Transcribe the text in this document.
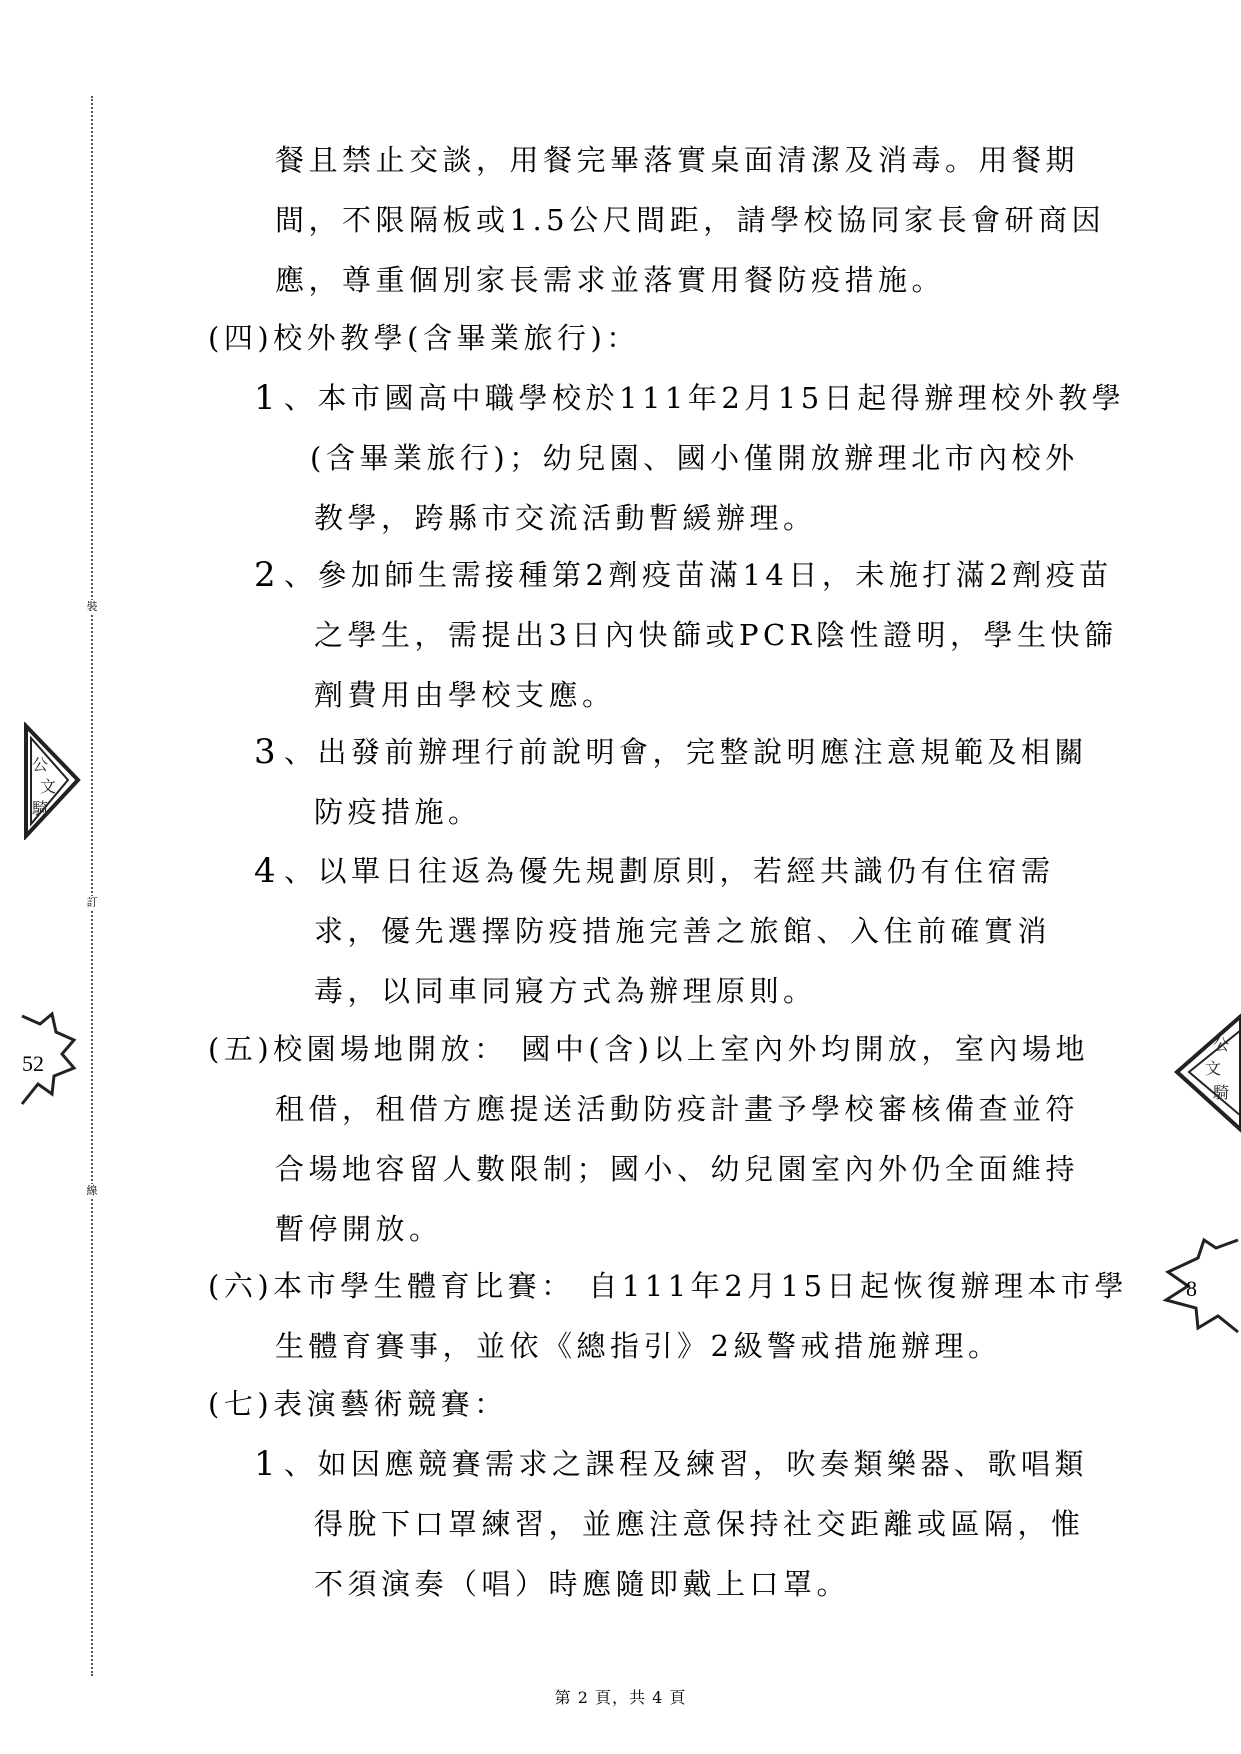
裝
訂
線
餐且禁止交談，用餐完畢落實桌面清潔及消毒。用餐期
間，不限隔板或1.5公尺間距，請學校協同家長會研商因
應，尊重個別家長需求並落實用餐防疫措施。
(四)校外教學(含畢業旅行)：
1 、本市國高中職學校於111年2月15日起得辦理校外教學
(含畢業旅行)；幼兒園、國小僅開放辦理北市內校外
教學，跨縣市交流活動暫緩辦理。
2 、參加師生需接種第2劑疫苗滿14日，未施打滿2劑疫苗
之學生，需提出3日內快篩或PCR陰性證明，學生快篩
劑費用由學校支應。
3 、出發前辦理行前說明會，完整說明應注意規範及相關
防疫措施。
4 、以單日往返為優先規劃原則，若經共識仍有住宿需
求，優先選擇防疫措施完善之旅館、入住前確實消
毒，以同車同寢方式為辦理原則。
(五)校園場地開放： 國中(含)以上室內外均開放，室內場地
租借，租借方應提送活動防疫計畫予學校審核備查並符
合場地容留人數限制；國小、幼兒園室內外仍全面維持
暫停開放。
(六)本市學生體育比賽： 自111年2月15日起恢復辦理本市學
生體育賽事，並依《總指引》2級警戒措施辦理。
(七)表演藝術競賽：
1 、如因應競賽需求之課程及練習，吹奏類樂器、歌唱類
得脫下口罩練習，並應注意保持社交距離或區隔，惟
不須演奏（唱）時應隨即戴上口罩。
公
文
騎
52
公
文
騎
8
第 2 頁，共 4 頁
